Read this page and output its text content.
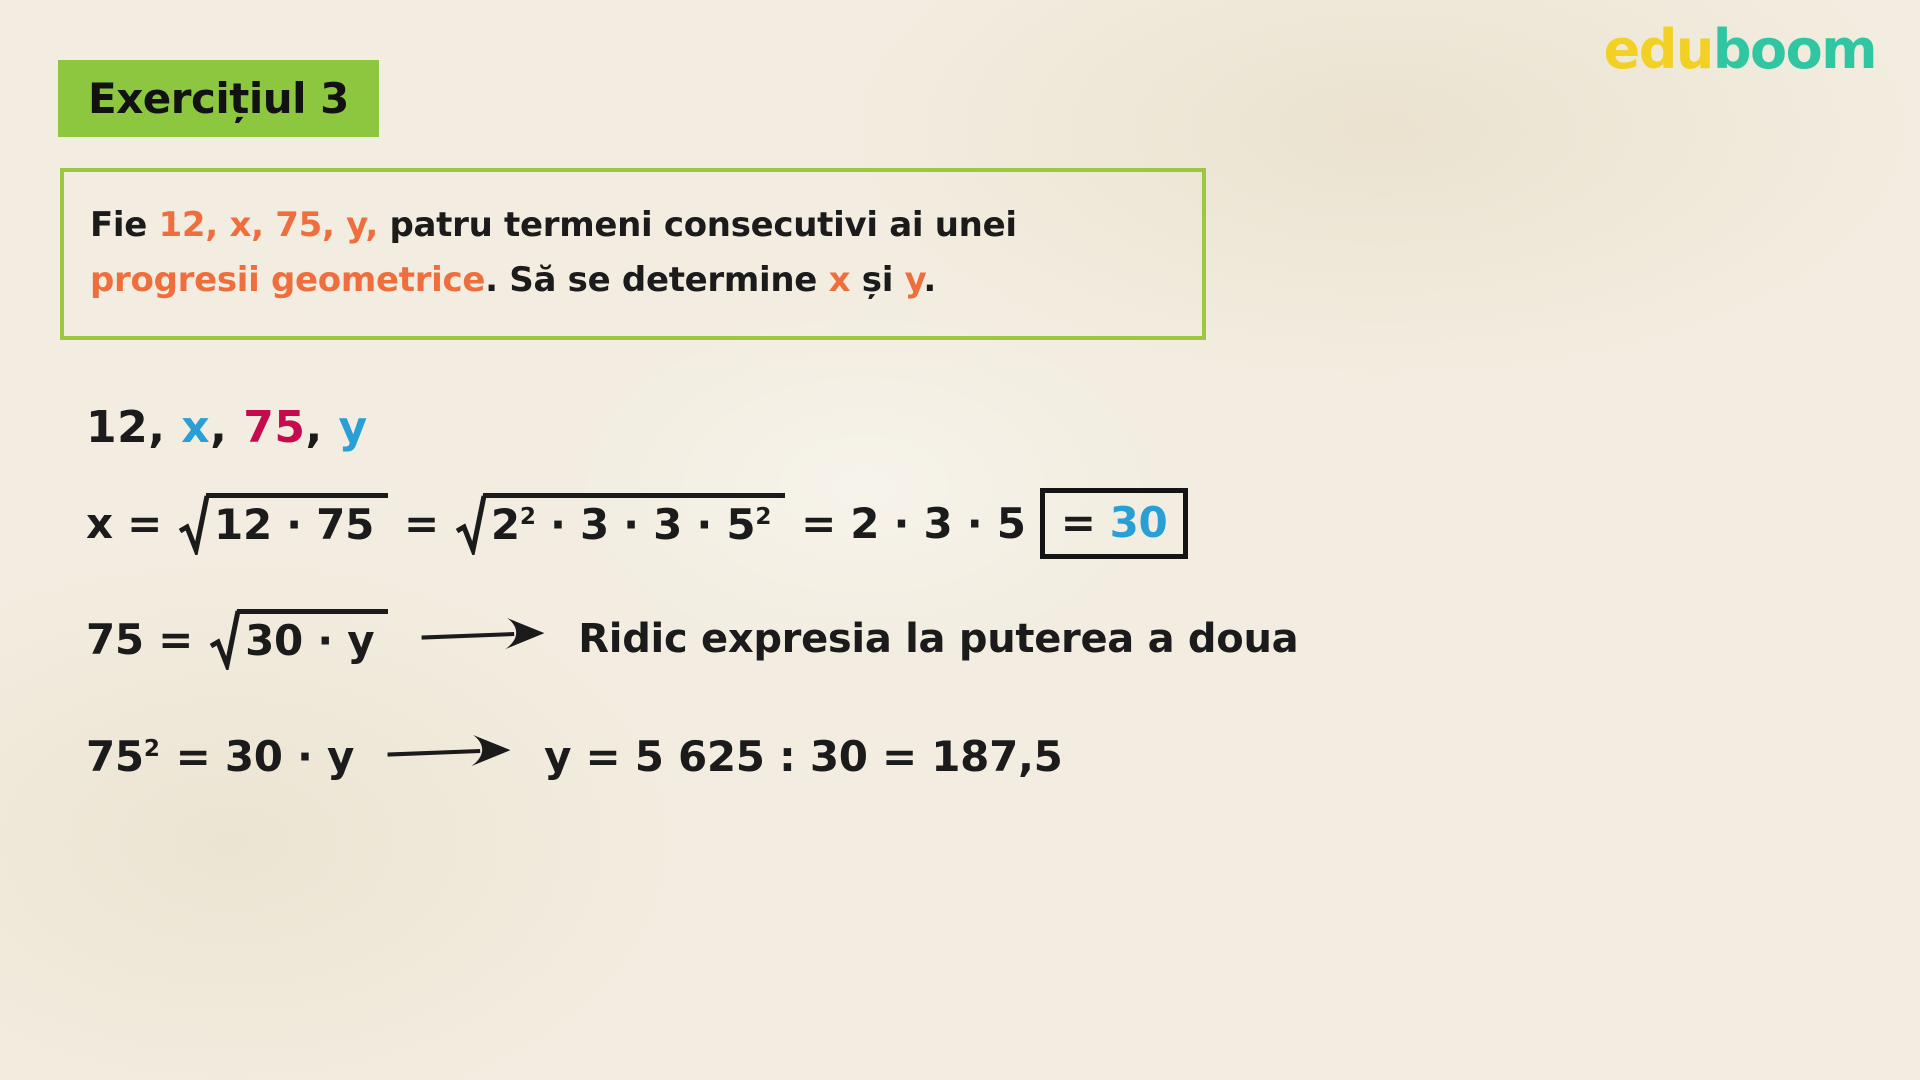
Exercițiul 3
eduboom
Fie 12, x, 75, y, patru termeni consecutivi ai unei
progresii geometrice. Să se determine x și y.
12, x, 75, y
$x = 12 \cdot 75 = 2^2 \cdot 3 \cdot 3 \cdot 5^2 = 2 \cdot 3 \cdot 5 = 30$
75 = 30 · y	Ridic expresia la puterea a doua
$75^2 = 30 \cdot y$	y = 5 625 : 30 = 187,5
